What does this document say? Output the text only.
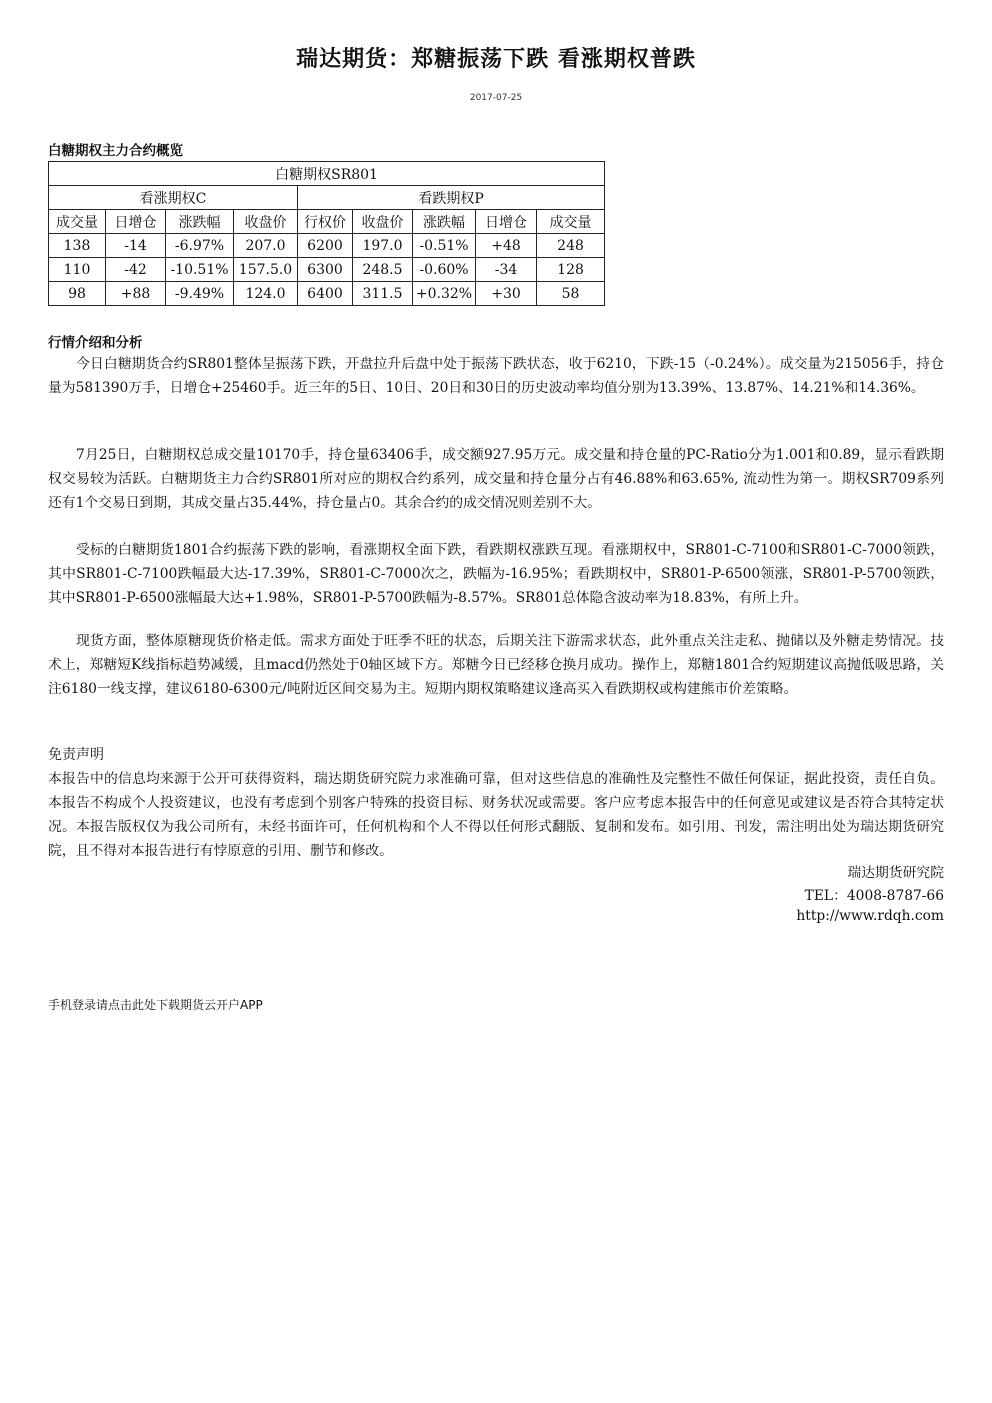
瑞达期货：郑糖振荡下跌 看涨期权普跌
2017-07-25
白糖期权主力合约概览
白糖期权SR801								
看涨期权C				看跌期权P				
成交量	日增仓	涨跌幅	收盘价	行权价	收盘价	涨跌幅	日增仓	成交量
138	-14	-6.97%	207.0	6200	197.0	-0.51%	+48	248
110	-42	-10.51%	157.5.0	6300	248.5	-0.60%	-34	128
98	+88	-9.49%	124.0	6400	311.5	+0.32%	+30	58
行情介绍和分析

今日白糖期货合约SR801整体呈振荡下跌，开盘拉升后盘中处于振荡下跌状态，收于6210，下跌-15（-0.24%）。成交量为215056手，持仓量为581390万手，日增仓+25460手。近三年的5日、10日、20日和30日的历史波动率均值分别为13.39%、13.87%、14.21%和14.36%。

7月25日，白糖期权总成交量10170手，持仓量63406手，成交额927.95万元。成交量和持仓量的PC-Ratio分为1.001和0.89，显示看跌期权交易较为活跃。白糖期货主力合约SR801所对应的期权合约系列，成交量和持仓量分占有46.88%和63.65%, 流动性为第一。期权SR709系列还有1个交易日到期，其成交量占35.44%，持仓量占0。其余合约的成交情况则差别不大。

受标的白糖期货1801合约振荡下跌的影响，看涨期权全面下跌，看跌期权涨跌互现。看涨期权中，SR801-C-7100和SR801-C-7000领跌，其中SR801-C-7100跌幅最大达-17.39%，SR801-C-7000次之，跌幅为-16.95%；看跌期权中，SR801-P-6500领涨，SR801-P-5700领跌，其中SR801-P-6500涨幅最大达+1.98%，SR801-P-5700跌幅为-8.57%。SR801总体隐含波动率为18.83%，有所上升。

现货方面，整体原糖现货价格走低。需求方面处于旺季不旺的状态，后期关注下游需求状态，此外重点关注走私、抛储以及外糖走势情况。技术上，郑糖短K线指标趋势减缓，且macd仍然处于0轴区域下方。郑糖今日已经移仓换月成功。操作上，郑糖1801合约短期建议高抛低吸思路，关注6180一线支撑，建议6180-6300元/吨附近区间交易为主。短期内期权策略建议逢高买入看跌期权或构建熊市价差策略。

免责声明
本报告中的信息均来源于公开可获得资料，瑞达期货研究院力求准确可靠，但对这些信息的准确性及完整性不做任何保证，据此投资，责任自负。本报告不构成个人投资建议，也没有考虑到个别客户特殊的投资目标、财务状况或需要。客户应考虑本报告中的任何意见或建议是否符合其特定状况。本报告版权仅为我公司所有，未经书面许可，任何机构和个人不得以任何形式翻版、复制和发布。如引用、刊发，需注明出处为瑞达期货研究院，且不得对本报告进行有悖原意的引用、删节和修改。
瑞达期货研究院
TEL：4008-8787-66
http://www.rdqh.com
手机登录请点击此处下载期货云开户APP
